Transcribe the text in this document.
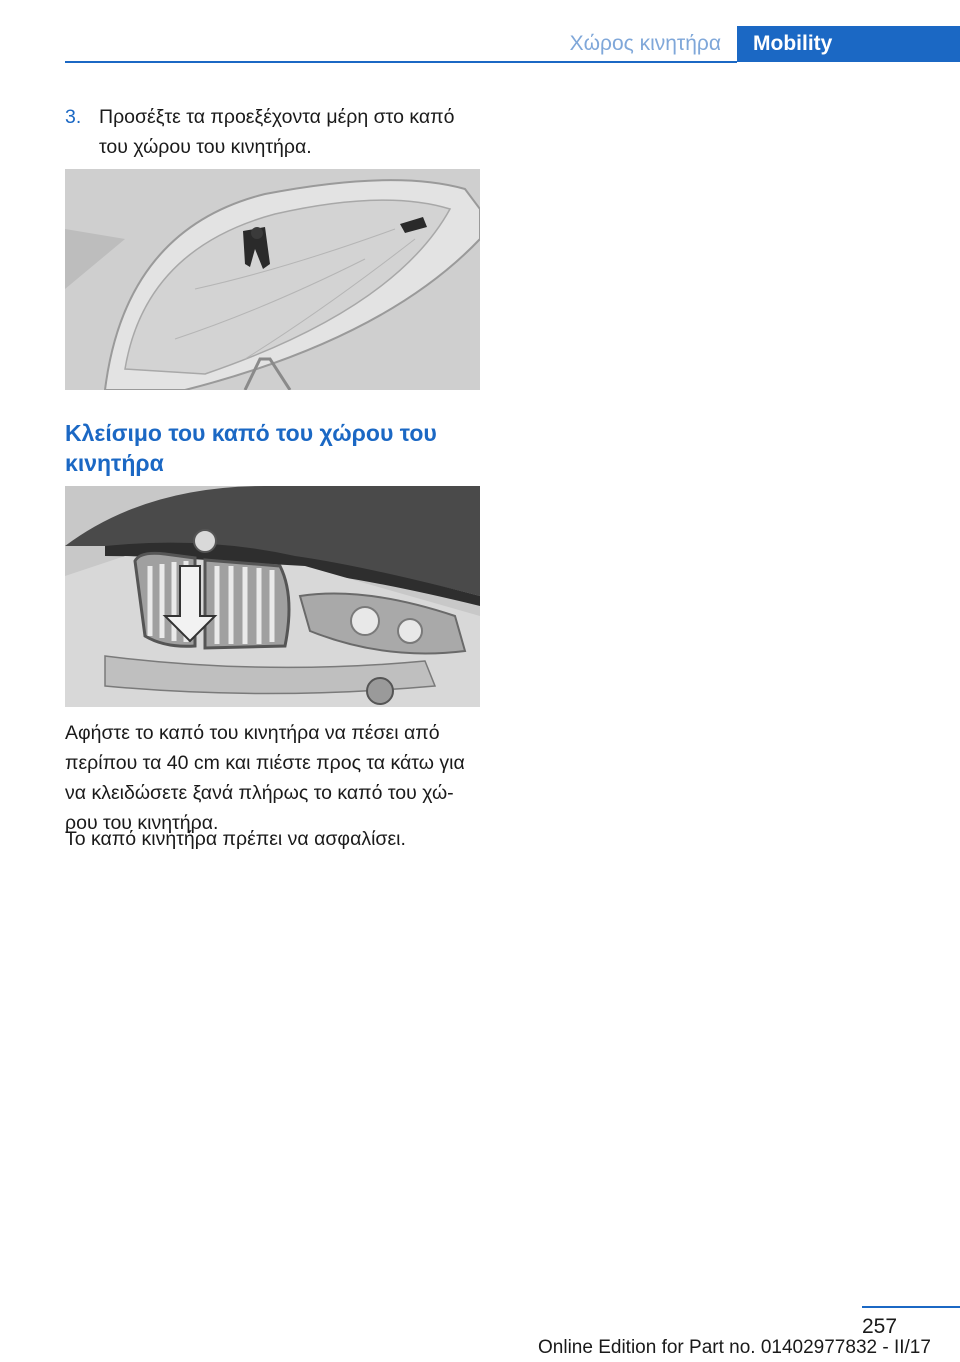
Χώρος κινητήρα	Mobility
3. Προσέξτε τα προεξέχοντα μέρη στο καπό του χώρου του κινητήρα.
Κλείσιμο του καπό του χώρου του κινητήρα

Αφήστε το καπό του κινητήρα να πέσει από περίπου τα 40 cm και πιέστε προς τα κάτω για να κλειδώσετε ξανά πλήρως το καπό του χώ‐ρου του κινητήρα.

Το καπό κινητήρα πρέπει να ασφαλίσει.

257
Online Edition for Part no. 01402977832 - II/17
